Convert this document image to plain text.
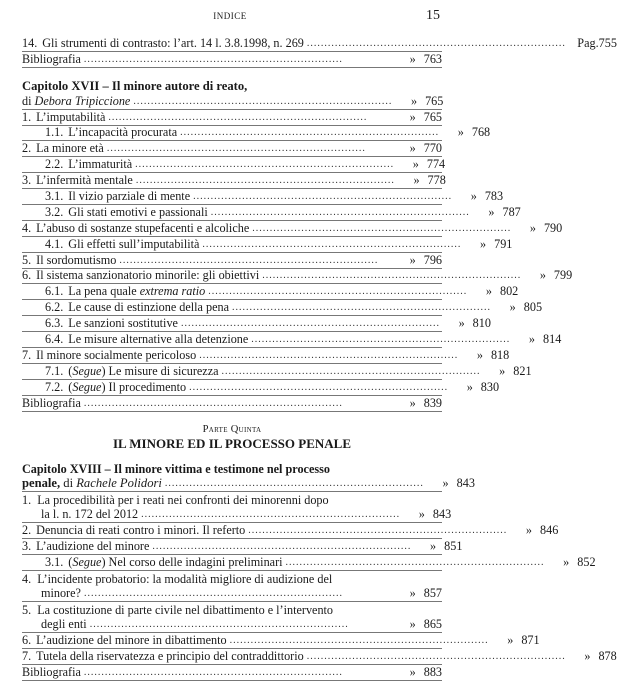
INDICE	15
14. Gli strumenti di contrasto: l’art. 14 l. 3.8.1998, n. 269 .......................................................................... Pag.755
Bibliografia ..........................................................................	» 763
Capitolo XVII – Il minore autore di reato,
di Debora Tripiccione ..........................................................................	» 765
1. L’imputabilità ..........................................................................	» 765
1.1. L’incapacità procurata ..........................................................................	» 768
2. La minore età ..........................................................................	» 770
2.2. L’immaturità ..........................................................................	» 774
3. L’infermità mentale ..........................................................................	» 778
3.1. Il vizio parziale di mente ..........................................................................	» 783
3.2. Gli stati emotivi e passionali ..........................................................................	» 787
4. L’abuso di sostanze stupefacenti e alcoliche ..........................................................................	» 790
4.1. Gli effetti sull’imputabilità ..........................................................................	» 791
5. Il sordomutismo ..........................................................................	» 796
6. Il sistema sanzionatorio minorile: gli obiettivi ..........................................................................	» 799
6.1. La pena quale extrema ratio ..........................................................................	» 802
6.2. Le cause di estinzione della pena ..........................................................................	» 805
6.3. Le sanzioni sostitutive ..........................................................................	» 810
6.4. Le misure alternative alla detenzione ..........................................................................	» 814
7. Il minore socialmente pericoloso ..........................................................................	» 818
7.1. (Segue) Le misure di sicurezza ..........................................................................	» 821
7.2. (Segue) Il procedimento ..........................................................................	» 830
Bibliografia ..........................................................................	» 839
Parte Quinta
IL MINORE ED IL PROCESSO PENALE
Capitolo XVIII – Il minore vittima e testimone nel processo
penale, di Rachele Polidori ..........................................................................	» 843
1. La procedibilità per i reati nei confronti dei minorenni dopo
la l. n. 172 del 2012 ..........................................................................	» 843
2. Denuncia di reati contro i minori. Il referto ..........................................................................	» 846
3. L’audizione del minore ..........................................................................	» 851
3.1. (Segue) Nel corso delle indagini preliminari ..........................................................................	» 852
4. L’incidente probatorio: la modalità migliore di audizione del
minore? ..........................................................................	» 857
5. La costituzione di parte civile nel dibattimento e l’intervento
degli enti ..........................................................................	» 865
6. L’audizione del minore in dibattimento ..........................................................................	» 871
7. Tutela della riservatezza e principio del contraddittorio ..........................................................................	» 878
Bibliografia ..........................................................................	» 883
